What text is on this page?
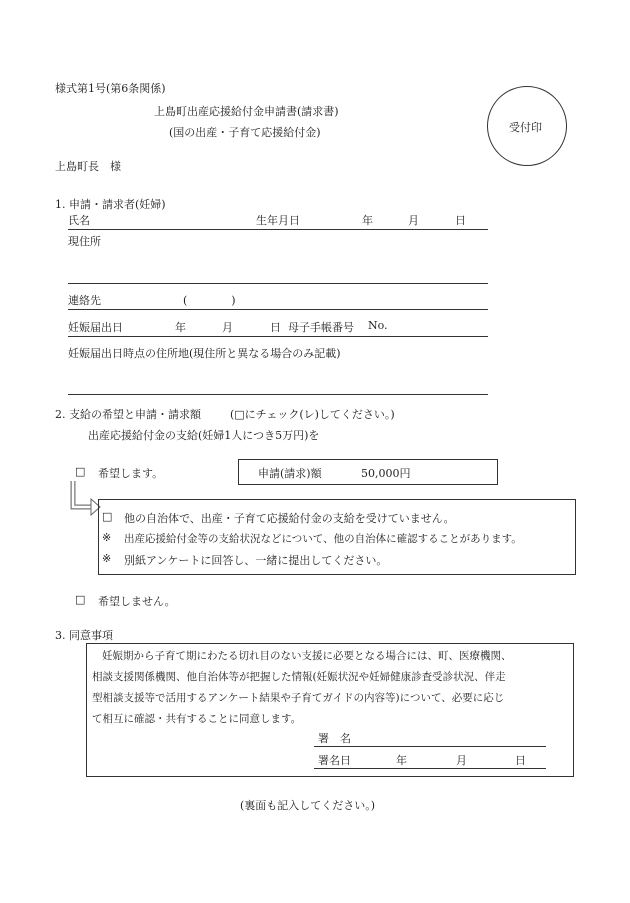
様式第1号(第6条関係)
上島町出産応援給付金申請書(請求書)
(国の出産・子育て応援給付金)	受付印
上島町長　様
1. 申請・請求者(妊婦)
氏名	生年月日	年	月	日
現住所
連絡先	(　　　　)
妊娠届出日	年	月	日 母子手帳番号 No.
妊娠届出日時点の住所地(現住所と異なる場合のみ記載)
2. 支給の希望と申請・請求額	(□にチェック(レ)してください。)
出産応援給付金の支給(妊婦1人につき5万円)を
□ 希望します。	申請(請求)額	50,000円
□ 他の自治体で、出産・子育て応援給付金の支給を受けていません。
※ 出産応援給付金等の支給状況などについて、他の自治体に確認することがあります。
※ 別紙アンケートに回答し、一緒に提出してください。
□ 希望しません。
3. 同意事項
妊娠期から子育て期にわたる切れ目のない支援に必要となる場合には、町、医療機関、
相談支援関係機関、他自治体等が把握した情報(妊娠状況や妊婦健康診査受診状況、伴走
型相談支援等で活用するアンケート結果や子育てガイドの内容等)について、必要に応じ
て相互に確認・共有することに同意します。
署　名
署名日	年	月	日
(裏面も記入してください。)
